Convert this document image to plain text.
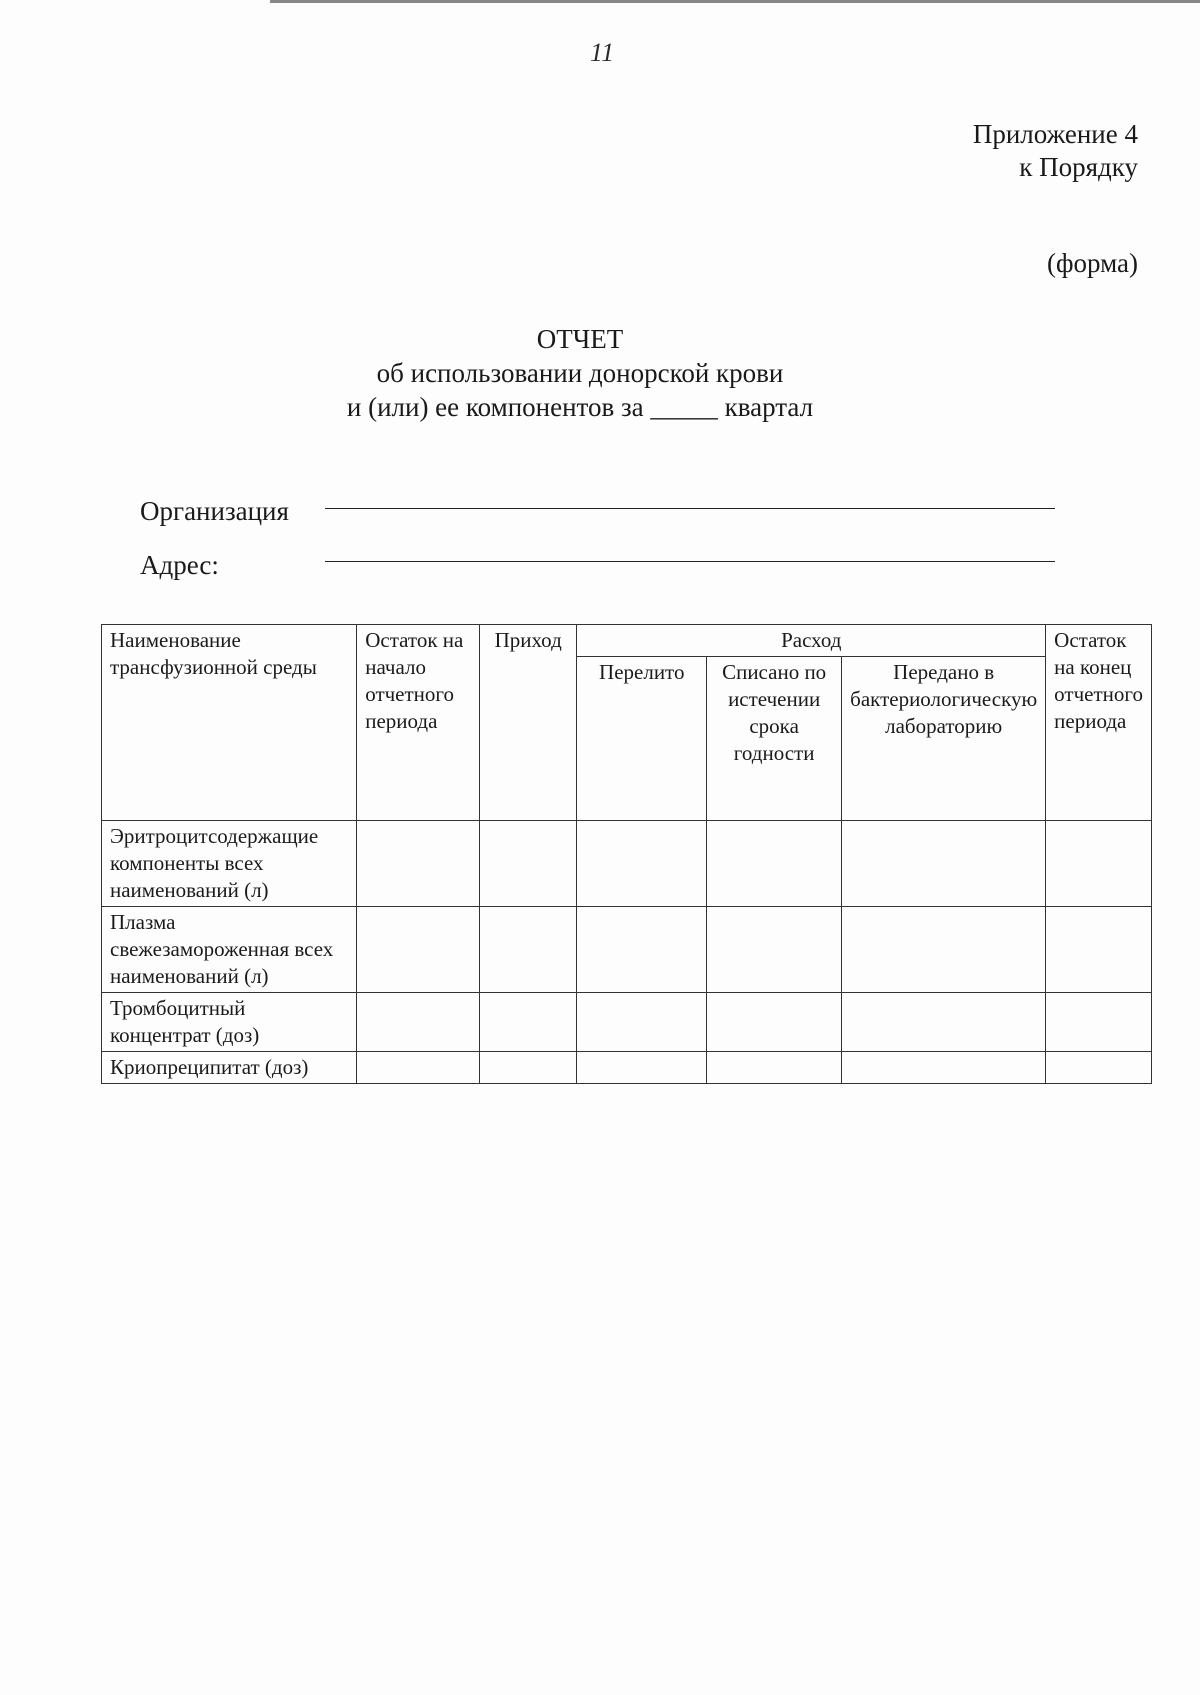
11
Приложение 4
к Порядку
(форма)
ОТЧЕТ
об использовании донорской крови
и (или) ее компонентов за _____ квартал
Организация
Адрес:
Наименование трансфузионной среды	Остаток на начало отчетного периода	Приход	Расход			Остаток на конец отчетного периода
			Перелито	Списано по истечении срока годности	Передано в бактериологическую лабораторию	
Эритроцитсодержащие компоненты всех наименований (л)						
Плазма свежезамороженная всех наименований (л)						
Тромбоцитный концентрат (доз)						
Криопреципитат (доз)						
